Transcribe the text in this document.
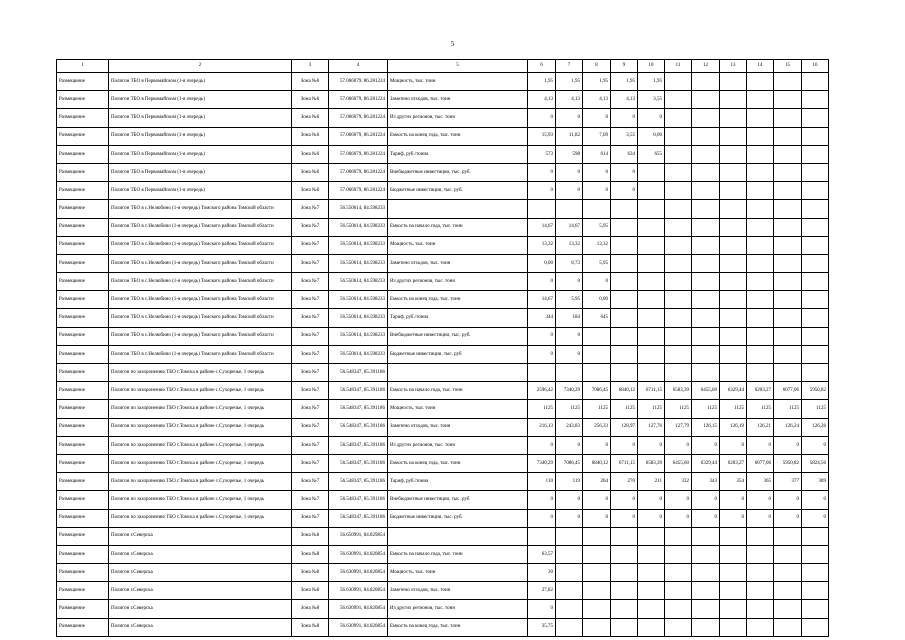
5
1	2	3	4	5	6	7	8	9	10	11	12	13	14	15	16
Размещение	Полигон ТБО в Первомайском (1-я очередь)	Зона №6	57.066079, 86.281224	Мощность, тыс. тонн	1,95	1,95	1,95	1,95	1,95						
Размещение	Полигон ТБО в Первомайском (1-я очередь)	Зона №6	57.066079, 86.281224	Заметено отходов, тыс. тонн	4,13	4,13	4,13	4,13	3,55						
Размещение	Полигон ТБО в Первомайском (1-я очередь)	Зона №6	57.066079, 86.281224	Из других регионов, тыс. тонн	0	0	0	0	0						
Размещение	Полигон ТБО в Первомайском (1-я очередь)	Зона №6	57.066079, 86.281224	Емкость на конец года, тыс. тонн	15,93	11,82	7,69	3,55	0,00						
Размещение	Полигон ТБО в Первомайском (1-я очередь)	Зона №6	57.066079, 86.281224	Тариф, руб./тонна	573	598	614	634	655						
Размещение	Полигон ТБО в Первомайском (1-я очередь)	Зона №6	57.066079, 86.281224	Внебюджетные инвестиции, тыс. руб.	0	0	0	0							
Размещение	Полигон ТБО в Первомайском (1-я очередь)	Зона №6	57.066079, 86.281224	Бюджетные инвестиции, тыс. руб.	0	0	0	0							
Размещение	Полигон ТБО в с.Нелюбино (1-я очередь) Томского района Томской области	Зона №7	56.550614, 84.598233												
Размещение	Полигон ТБО в с.Нелюбино (1-я очередь) Томского района Томской области	Зона №7	56.550614, 84.598233	Емкость на начало года, тыс. тонн	14,67	14,67	5,95								
Размещение	Полигон ТБО в с.Нелюбино (1-я очередь) Томского района Томской области	Зона №7	56.550614, 84.598233	Мощность, тыс. тонн	13,32	13,32	13,32								
Размещение	Полигон ТБО в с.Нелюбино (1-я очередь) Томского района Томской области	Зона №7	56.550614, 84.598233	Заметено отходов, тыс. тонн	0,00	8,73	5,95								
Размещение	Полигон ТБО в с.Нелюбино (1-я очередь) Томского района Томской области	Зона №7	56.550614, 84.598233	Из других регионов, тыс. тонн	0	0	0								
Размещение	Полигон ТБО в с.Нелюбино (1-я очередь) Томского района Томской области	Зона №7	56.550614, 84.598233	Емкость на конец года, тыс. тонн	14,67	5,95	0,00								
Размещение	Полигон ТБО в с.Нелюбино (1-я очередь) Томского района Томской области	Зона №7	56.550614, 84.598233	Тариф, руб./тонна	344	184	645								
Размещение	Полигон ТБО в с.Нелюбино (1-я очередь) Томского района Томской области	Зона №7	56.550614, 84.598233	Внебюджетные инвестиции, тыс. руб.	0	0									
Размещение	Полигон ТБО в с.Нелюбино (1-я очередь) Томского района Томской области	Зона №7	56.550614, 84.598233	Бюджетные инвестиции, тыс. руб	0	0									
Размещение	Полигон по захоронению ТБО г.Томска в районе с.Сухоречье, 1 очередь	Зона №7	56.548347, 85.391186												
Размещение	Полигон по захоронению ТБО г.Томска в районе с.Сухоречье, 1 очередь	Зона №7	56.548347, 85.391186	Емкость на начало года, тыс. тонн	2596,42	7340,29	7086,45	6840,12	6711,15	6583,39	6455,60	6329,44	6203,27	6077,06	5950,82
Размещение	Полигон по захоронению ТБО г.Томска в районе с.Сухоречье, 1 очередь	Зона №7	56.548347, 85.391186	Мощность, тыс. тонн	1125	1125	1125	1125	1125	1125	1125	1125	1125	1125	1125
Размещение	Полигон по захоронению ТБО г.Томска в районе с.Сухоречье, 1 очередь	Зона №7	56.548347, 85.391186	Заметено отходов, тыс. тонн	216,13	243,83	256,33	128,97	127,76	127,79	126,15	126,19	126,21	126,24	126,26
Размещение	Полигон по захоронению ТБО г.Томска в районе с.Сухоречье, 1 очередь	Зона №7	56.548347, 85.391186	Из других регионов, тыс. тонн	0	0	0	0	0	0	0	0	0	0	0
Размещение	Полигон по захоронению ТБО г.Томска в районе с.Сухоречье, 1 очередь	Зона №7	56.548347, 85.391186	Емкость на конец года, тыс. тонн	7340,29	7086,45	6840,12	6711,15	6583,39	6455,60	6329,44	6203,27	6077,06	5950,82	5824,56
Размещение	Полигон по захоронению ТБО г.Томска в районе с.Сухоречье, 1 очередь	Зона №7	56.548347, 85.391186	Тариф, руб./тонна	110	119	264	270	211	332	343	354	365	377	389
Размещение	Полигон по захоронению ТБО г.Томска в районе с.Сухоречье, 1 очередь	Зона №7	56.548347, 85.391186	Внебюджетные инвестиции, тыс. руб	0	0	0	0	0	0	0	0	0	0	0
Размещение	Полигон по захоронению ТБО г.Томска в районе с.Сухоречье, 1 очередь	Зона №7	56.548347, 85.391186	Бюджетные инвестиции, тыс. руб.	0	0	0	0	0	0	0	0	0	0	0
Размещение	Полигон г.Северска	Зона №8	56.650991, 84.829854												
Размещение	Полигон г.Северска	Зона №8	56.630991, 84.820854	Емкость на начало года, тыс. тонн	63,57										
Размещение	Полигон г.Северска	Зона №8	56.630991, 84.820854	Мощность, тыс. тонн	30										
Размещение	Полигон г.Северска	Зона №8	56.630991, 84.820854	Заметено отходов, тыс. тонн	27,82										
Размещение	Полигон г.Северска	Зона №8	56.630991, 84.820854	Из других регионов, тыс. тонн	0										
Размещение	Полигон г.Северска	Зона №8	56.630991, 84.820854	Емкость на конец года, тыс. тонн	35,75										
